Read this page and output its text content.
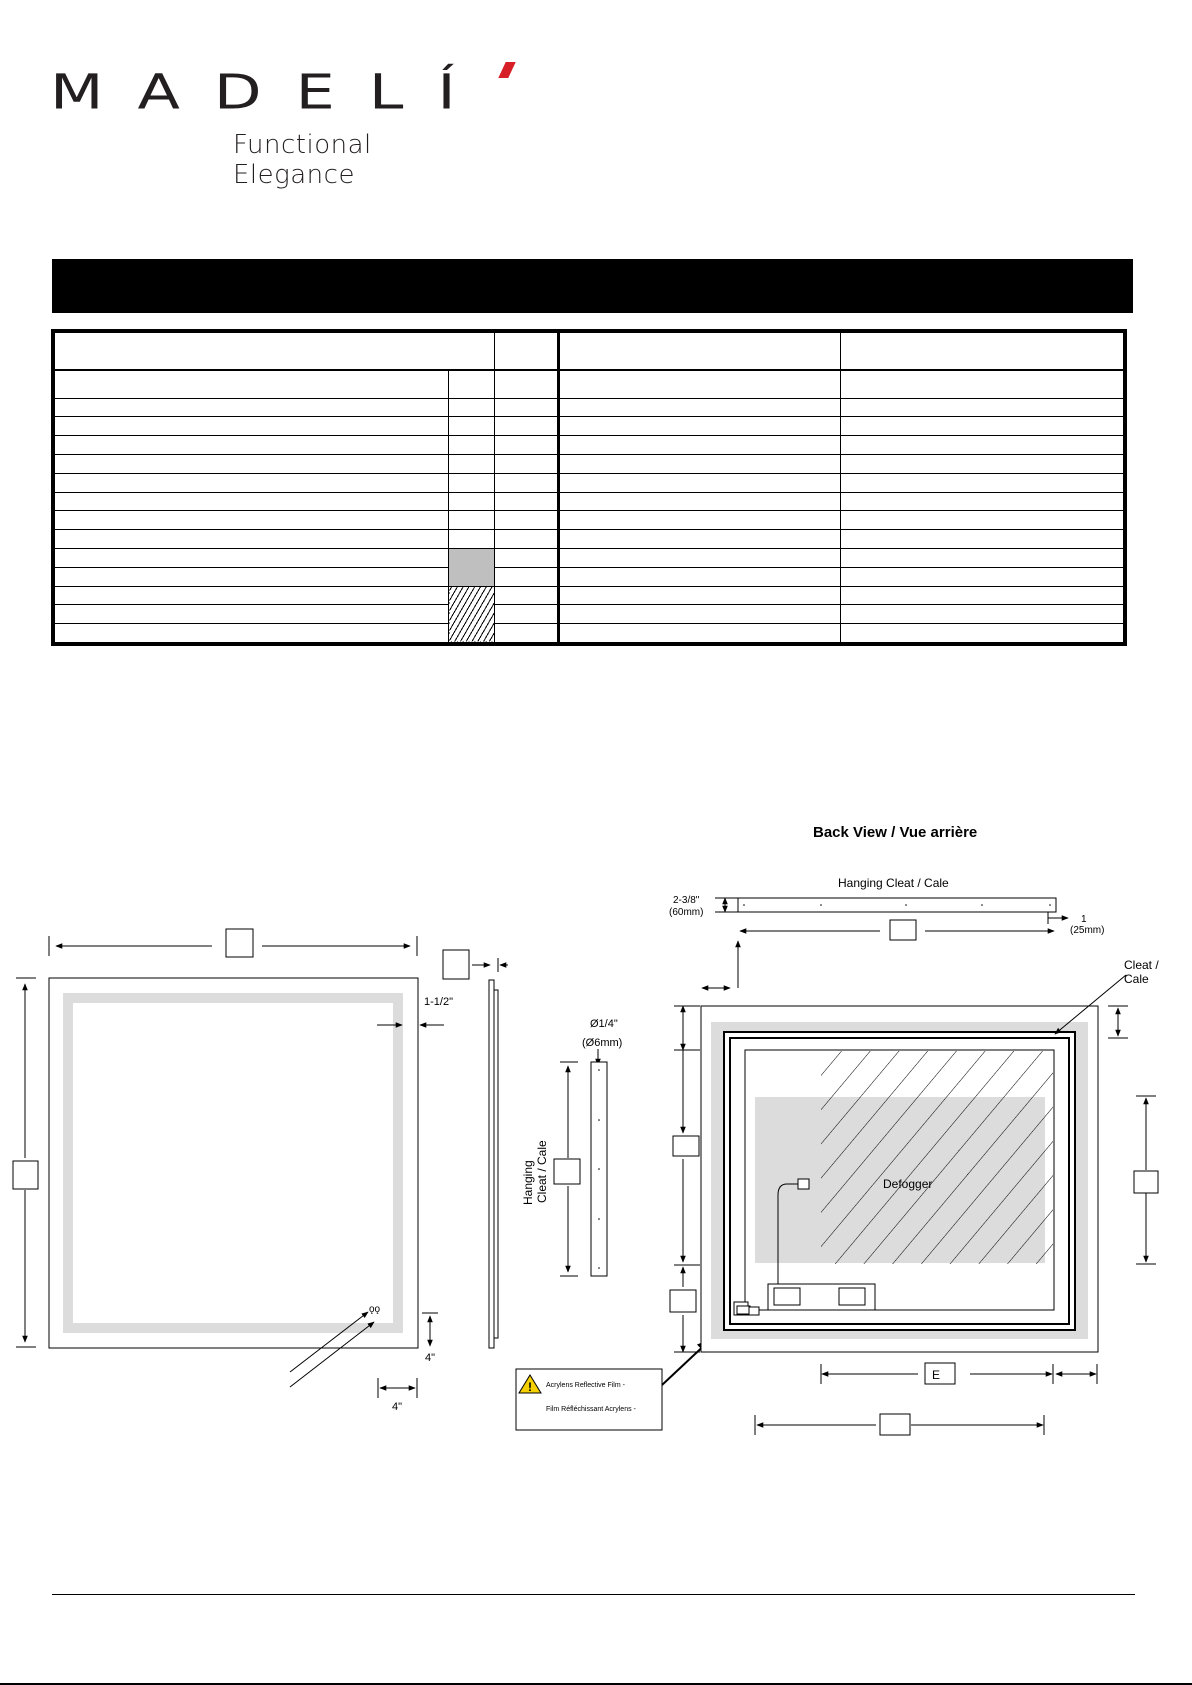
MADELÍ
Functional Elegance

1-1/2"
ǫǫ
4"
4"
Ø1/4"
(Ø6mm)
Hanging Cleat / Cale
! Acrylens Reflective Film -
Film Réfléchissant Acrylens -
Back View / Vue arrière
Hanging Cleat / Cale
2-3/8"
(60mm)
1
(25mm)
Defogger
Cleat /
Cale
E
